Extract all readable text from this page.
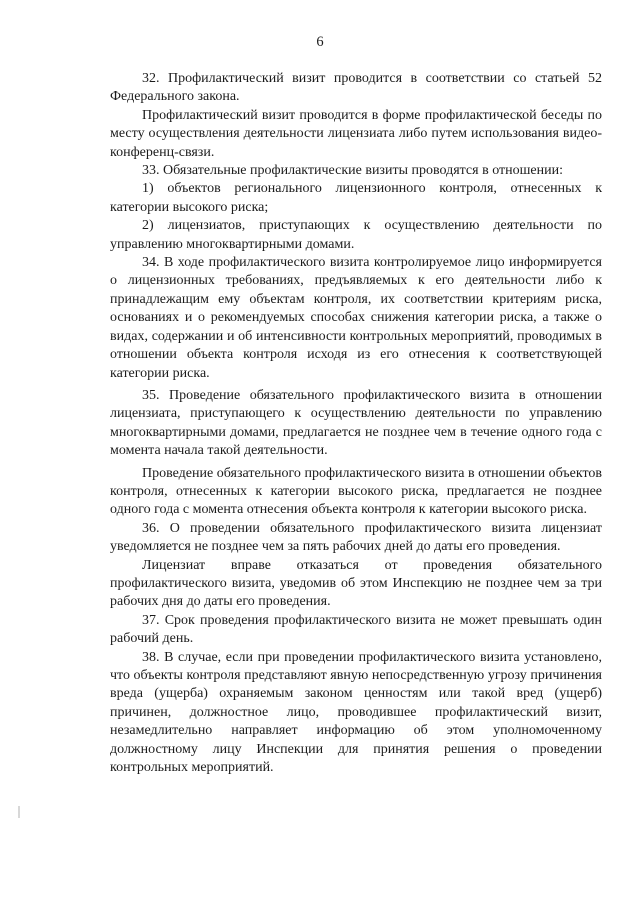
6

32. Профилактический визит проводится в соответствии со статьей 52 Федерального закона.

Профилактический визит проводится в форме профилактической беседы по месту осуществления деятельности лицензиата либо путем использования видео-конференц-связи.

33. Обязательные профилактические визиты проводятся в отношении:

1) объектов регионального лицензионного контроля, отнесенных к категории высокого риска;

2) лицензиатов, приступающих к осуществлению деятельности по управлению многоквартирными домами.

34. В ходе профилактического визита контролируемое лицо информируется о лицензионных требованиях, предъявляемых к его деятельности либо к принадлежащим ему объектам контроля, их соответствии критериям риска, основаниях и о рекомендуемых способах снижения категории риска, а также о видах, содержании и об интенсивности контрольных мероприятий, проводимых в отношении объекта контроля исходя из его отнесения к соответствующей категории риска.

35. Проведение обязательного профилактического визита в отношении лицензиата, приступающего к осуществлению деятельности по управлению многоквартирными домами, предлагается не позднее чем в течение одного года с момента начала такой деятельности.

Проведение обязательного профилактического визита в отношении объектов контроля, отнесенных к категории высокого риска, предлагается не позднее одного года с момента отнесения объекта контроля к категории высокого риска.

36. О проведении обязательного профилактического визита лицензиат уведомляется не позднее чем за пять рабочих дней до даты его проведения.

Лицензиат вправе отказаться от проведения обязательного профилактического визита, уведомив об этом Инспекцию не позднее чем за три рабочих дня до даты его проведения.

37. Срок проведения профилактического визита не может превышать один рабочий день.

38. В случае, если при проведении профилактического визита установлено, что объекты контроля представляют явную непосредственную угрозу причинения вреда (ущерба) охраняемым законом ценностям или такой вред (ущерб) причинен, должностное лицо, проводившее профилактический визит, незамедлительно направляет информацию об этом уполномоченному должностному лицу Инспекции для принятия решения о проведении контрольных мероприятий.
